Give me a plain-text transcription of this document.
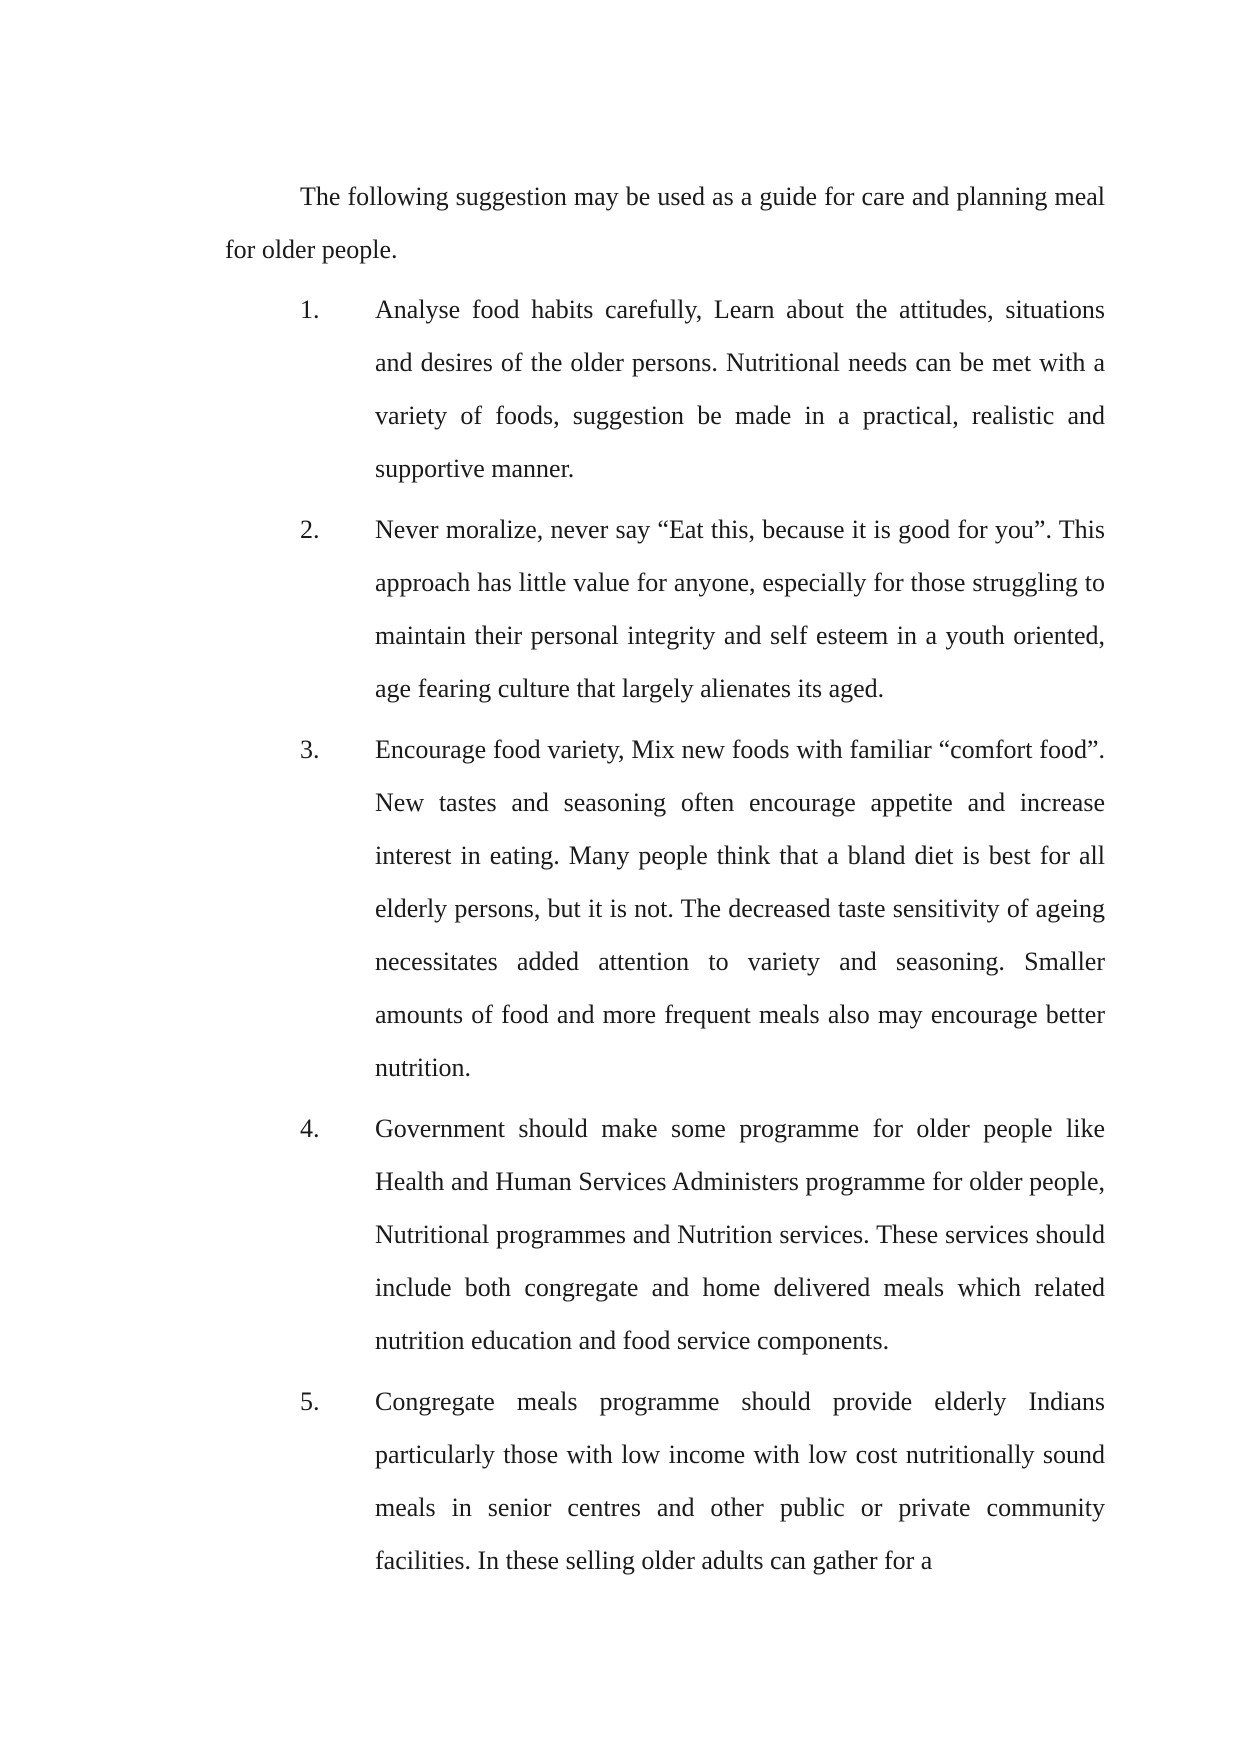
The following suggestion may be used as a guide for care and planning meal for older people.

1.	Analyse food habits carefully, Learn about the attitudes, situations and desires of the older persons. Nutritional needs can be met with a variety of foods, suggestion be made in a practical, realistic and supportive manner.
2.	Never moralize, never say “Eat this, because it is good for you”. This approach has little value for anyone, especially for those struggling to maintain their personal integrity and self esteem in a youth oriented, age fearing culture that largely alienates its aged.
3.	Encourage food variety, Mix new foods with familiar “comfort food”. New tastes and seasoning often encourage appetite and increase interest in eating. Many people think that a bland diet is best for all elderly persons, but it is not. The decreased taste sensitivity of ageing necessitates added attention to variety and seasoning. Smaller amounts of food and more frequent meals also may encourage better nutrition.
4.	Government should make some programme for older people like Health and Human Services Administers programme for older people, Nutritional programmes and Nutrition services. These services should include both congregate and home delivered meals which related nutrition education and food service components.
5.	Congregate meals programme should provide elderly Indians particularly those with low income with low cost nutritionally sound meals in senior centres and other public or private community facilities. In these selling older adults can gather for a
